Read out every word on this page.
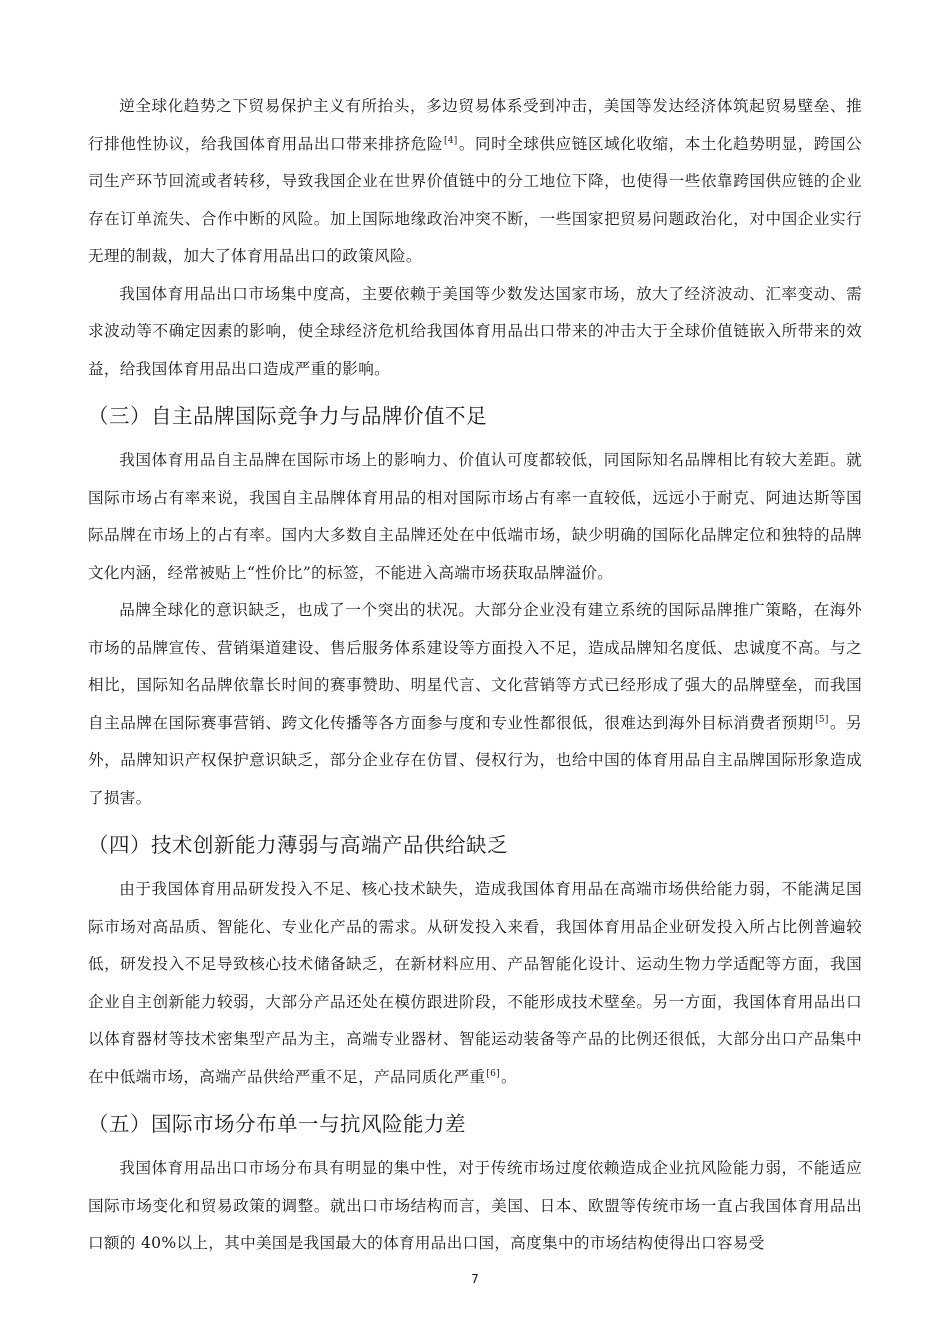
逆全球化趋势之下贸易保护主义有所抬头，多边贸易体系受到冲击，美国等发达经济体筑起贸易壁垒、推行排他性协议，给我国体育用品出口带来排挤危险[4]。同时全球供应链区域化收缩，本土化趋势明显，跨国公司生产环节回流或者转移，导致我国企业在世界价值链中的分工地位下降，也使得一些依靠跨国供应链的企业存在订单流失、合作中断的风险。加上国际地缘政治冲突不断，一些国家把贸易问题政治化，对中国企业实行无理的制裁，加大了体育用品出口的政策风险。

我国体育用品出口市场集中度高，主要依赖于美国等少数发达国家市场，放大了经济波动、汇率变动、需求波动等不确定因素的影响，使全球经济危机给我国体育用品出口带来的冲击大于全球价值链嵌入所带来的效益，给我国体育用品出口造成严重的影响。

（三）自主品牌国际竞争力与品牌价值不足

我国体育用品自主品牌在国际市场上的影响力、价值认可度都较低，同国际知名品牌相比有较大差距。就国际市场占有率来说，我国自主品牌体育用品的相对国际市场占有率一直较低，远远小于耐克、阿迪达斯等国际品牌在市场上的占有率。国内大多数自主品牌还处在中低端市场，缺少明确的国际化品牌定位和独特的品牌文化内涵，经常被贴上“性价比”的标签，不能进入高端市场获取品牌溢价。

品牌全球化的意识缺乏，也成了一个突出的状况。大部分企业没有建立系统的国际品牌推广策略，在海外市场的品牌宣传、营销渠道建设、售后服务体系建设等方面投入不足，造成品牌知名度低、忠诚度不高。与之相比，国际知名品牌依靠长时间的赛事赞助、明星代言、文化营销等方式已经形成了强大的品牌壁垒，而我国自主品牌在国际赛事营销、跨文化传播等各方面参与度和专业性都很低，很难达到海外目标消费者预期[5]。另外，品牌知识产权保护意识缺乏，部分企业存在仿冒、侵权行为，也给中国的体育用品自主品牌国际形象造成了损害。

（四）技术创新能力薄弱与高端产品供给缺乏

由于我国体育用品研发投入不足、核心技术缺失，造成我国体育用品在高端市场供给能力弱，不能满足国际市场对高品质、智能化、专业化产品的需求。从研发投入来看，我国体育用品企业研发投入所占比例普遍较低，研发投入不足导致核心技术储备缺乏，在新材料应用、产品智能化设计、运动生物力学适配等方面，我国企业自主创新能力较弱，大部分产品还处在模仿跟进阶段，不能形成技术壁垒。另一方面，我国体育用品出口以体育器材等技术密集型产品为主，高端专业器材、智能运动装备等产品的比例还很低，大部分出口产品集中在中低端市场，高端产品供给严重不足，产品同质化严重[6]。

（五）国际市场分布单一与抗风险能力差

我国体育用品出口市场分布具有明显的集中性，对于传统市场过度依赖造成企业抗风险能力弱，不能适应国际市场变化和贸易政策的调整。就出口市场结构而言，美国、日本、欧盟等传统市场一直占我国体育用品出口额的 40%以上，其中美国是我国最大的体育用品出口国，高度集中的市场结构使得出口容易受

7
